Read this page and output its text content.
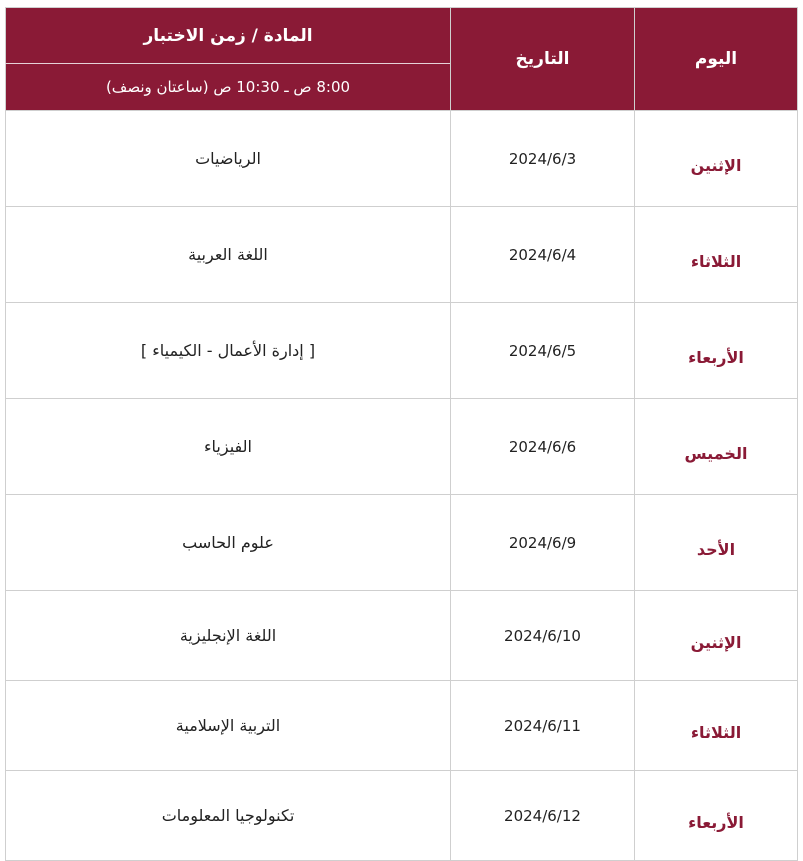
اليوم	التاريخ	المادة / زمن الاختبار
		8:00 ص ـ 10:30 ص (ساعتان ونصف)
الإثنين	2024/6/3	الرياضيات
الثلاثاء	2024/6/4	اللغة العربية
الأربعاء	2024/6/5	[ إدارة الأعمال - الكيمياء ]
الخميس	2024/6/6	الفيزياء
الأحد	2024/6/9	علوم الحاسب
الإثنين	2024/6/10	اللغة الإنجليزية
الثلاثاء	2024/6/11	التربية الإسلامية
الأربعاء	2024/6/12	تكنولوجيا المعلومات
